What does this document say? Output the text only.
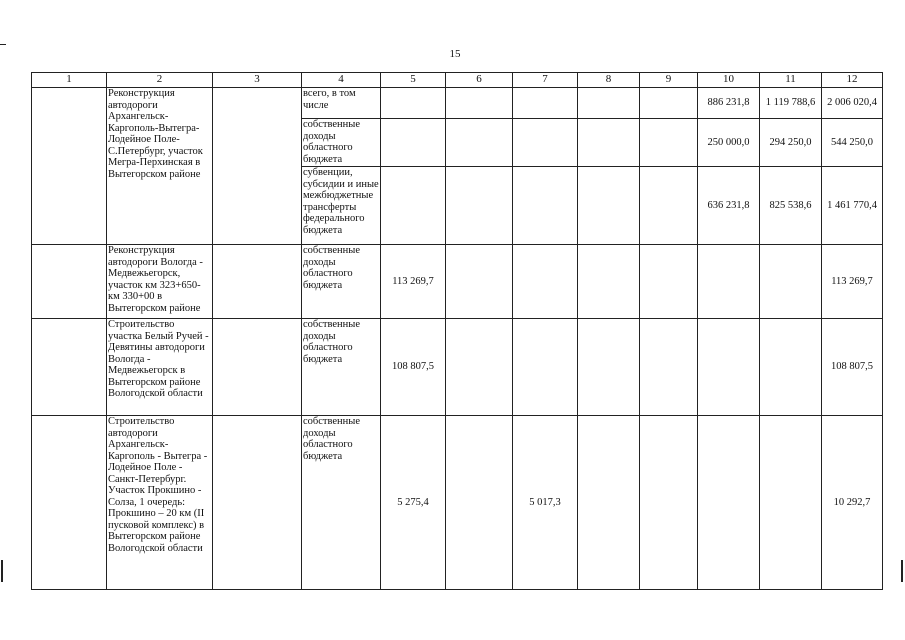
15
1	2	3	4	5	6	7	8	9	10	11	12
	Реконструкция автодороги Архангельск-Каргополь-Вытегра-Лодейное Поле-С.Петербург, участок Мегра-Перхинская в Вытегорском районе		всего, в том числе						886 231,8	1 119 788,6	2 006 020,4
			собственные доходы областного бюджета						250 000,0	294 250,0	544 250,0
			субвенции, субсидии и иные межбюджетные трансферты федерального бюджета						636 231,8	825 538,6	1 461 770,4
	Реконструкция автодороги Вологда - Медвежьегорск, участок км 323+650-км 330+00 в Вытегорском районе		собственные доходы областного бюджета	113 269,7							113 269,7
	Строительство участка Белый Ручей - Девятины автодороги Вологда - Медвежьегорск в Вытегорском районе Вологодской области		собственные доходы областного бюджета	108 807,5							108 807,5
	Строительство автодороги Архангельск-Каргополь - Вытегра - Лодейное Поле - Санкт-Петербург. Участок Прокшино - Солза, 1 очередь: Прокшино – 20 км (II пусковой комплекс) в Вытегорском районе Вологодской области		собственные доходы областного бюджета	5 275,4		5 017,3					10 292,7
